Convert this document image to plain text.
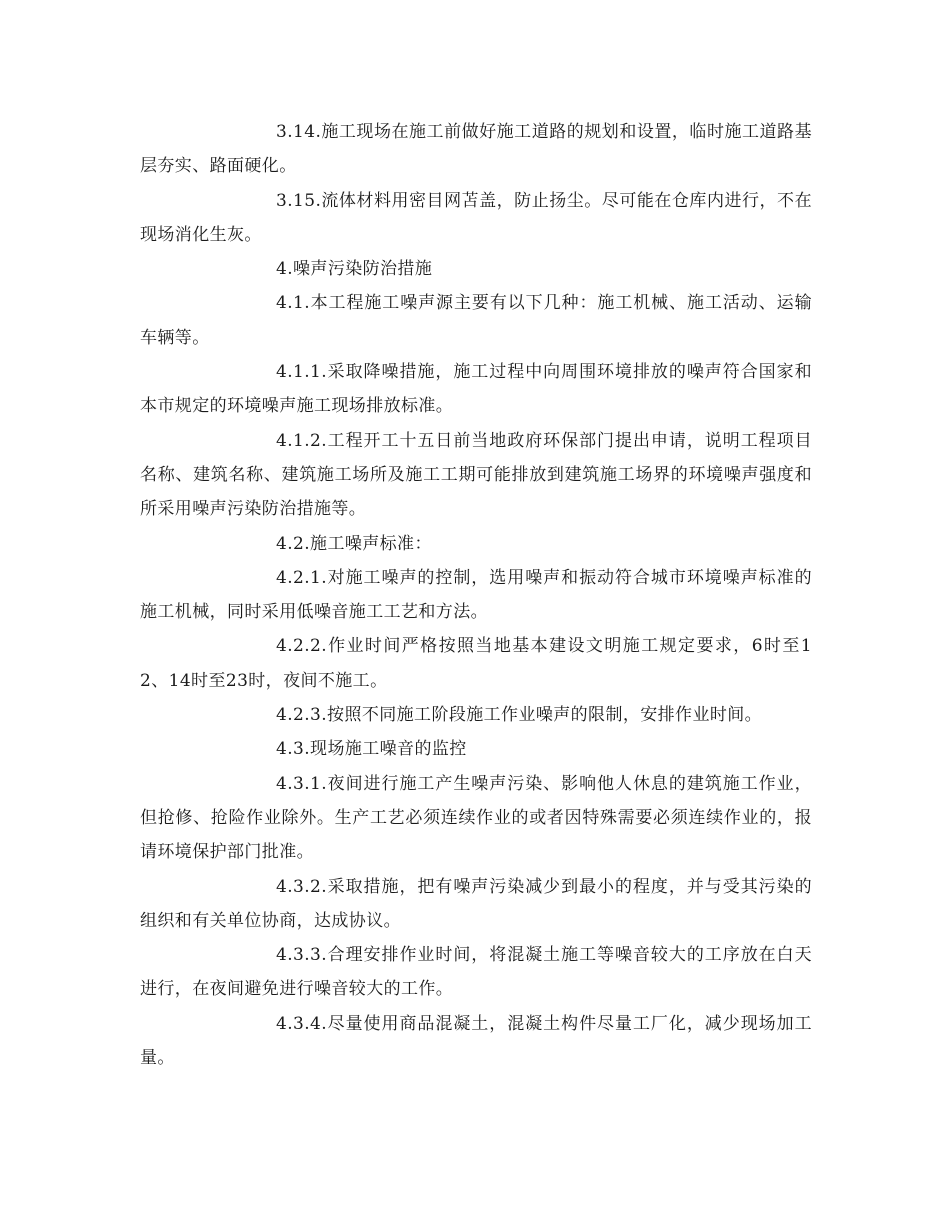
3.14.施工现场在施工前做好施工道路的规划和设置，临时施工道路基层夯实、路面硬化。

3.15.流体材料用密目网苫盖，防止扬尘。尽可能在仓库内进行，不在现场消化生灰。

4.噪声污染防治措施

4.1.本工程施工噪声源主要有以下几种：施工机械、施工活动、运输车辆等。

4.1.1.采取降噪措施，施工过程中向周围环境排放的噪声符合国家和本市规定的环境噪声施工现场排放标准。

4.1.2.工程开工十五日前当地政府环保部门提出申请，说明工程项目名称、建筑名称、建筑施工场所及施工工期可能排放到建筑施工场界的环境噪声强度和所采用噪声污染防治措施等。

4.2.施工噪声标准：

4.2.1.对施工噪声的控制，选用噪声和振动符合城市环境噪声标准的施工机械，同时采用低噪音施工工艺和方法。

4.2.2.作业时间严格按照当地基本建设文明施工规定要求，6时至12、14时至23时，夜间不施工。

4.2.3.按照不同施工阶段施工作业噪声的限制，安排作业时间。

4.3.现场施工噪音的监控

4.3.1.夜间进行施工产生噪声污染、影响他人休息的建筑施工作业，但抢修、抢险作业除外。生产工艺必须连续作业的或者因特殊需要必须连续作业的，报请环境保护部门批准。

4.3.2.采取措施，把有噪声污染减少到最小的程度，并与受其污染的组织和有关单位协商，达成协议。

4.3.3.合理安排作业时间，将混凝土施工等噪音较大的工序放在白天进行，在夜间避免进行噪音较大的工作。

4.3.4.尽量使用商品混凝土，混凝土构件尽量工厂化，减少现场加工量。
